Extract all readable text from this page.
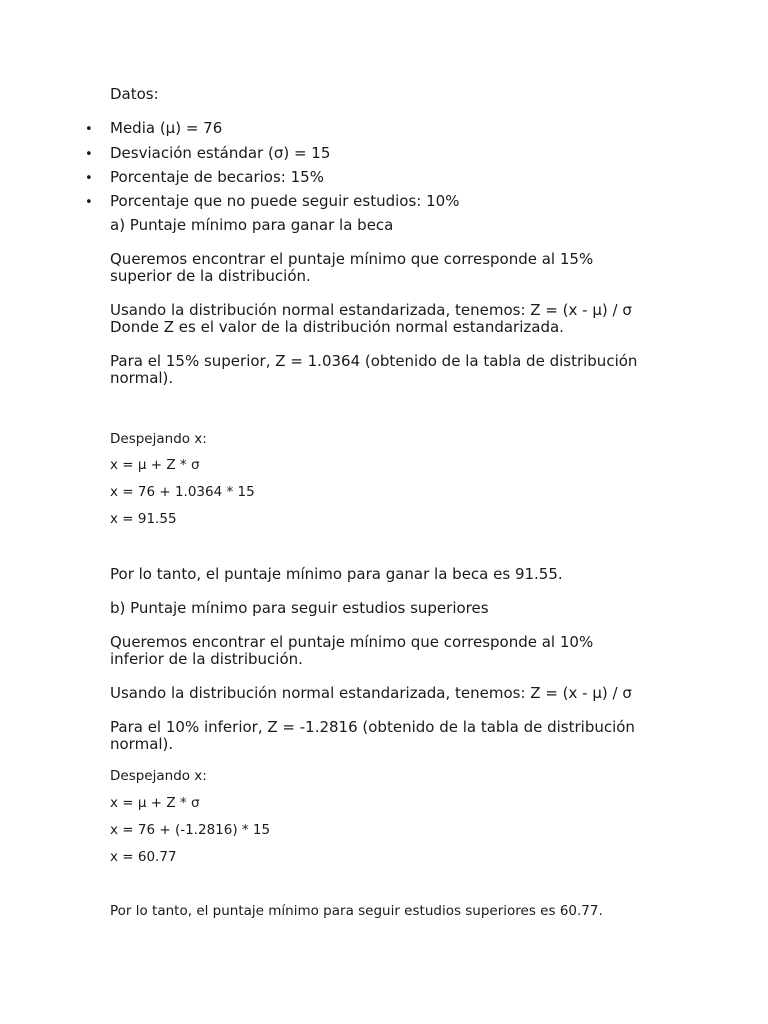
Datos:

• Media (μ) = 76

• Desviación estándar (σ) = 15

• Porcentaje de becarios: 15%

• Porcentaje que no puede seguir estudios: 10%

a) Puntaje mínimo para ganar la beca

Queremos encontrar el puntaje mínimo que corresponde al 15%

superior de la distribución.

Usando la distribución normal estandarizada, tenemos: Z = (x - μ) / σ

Donde Z es el valor de la distribución normal estandarizada.

Para el 15% superior, Z = 1.0364 (obtenido de la tabla de distribución

normal).

Despejando x:

x = μ + Z * σ

x = 76 + 1.0364 * 15

x = 91.55

Por lo tanto, el puntaje mínimo para ganar la beca es 91.55.

b) Puntaje mínimo para seguir estudios superiores

Queremos encontrar el puntaje mínimo que corresponde al 10%

inferior de la distribución.

Usando la distribución normal estandarizada, tenemos: Z = (x - μ) / σ

Para el 10% inferior, Z = -1.2816 (obtenido de la tabla de distribución

normal).

Despejando x:

x = μ + Z * σ

x = 76 + (-1.2816) * 15

x = 60.77

Por lo tanto, el puntaje mínimo para seguir estudios superiores es 60.77.
